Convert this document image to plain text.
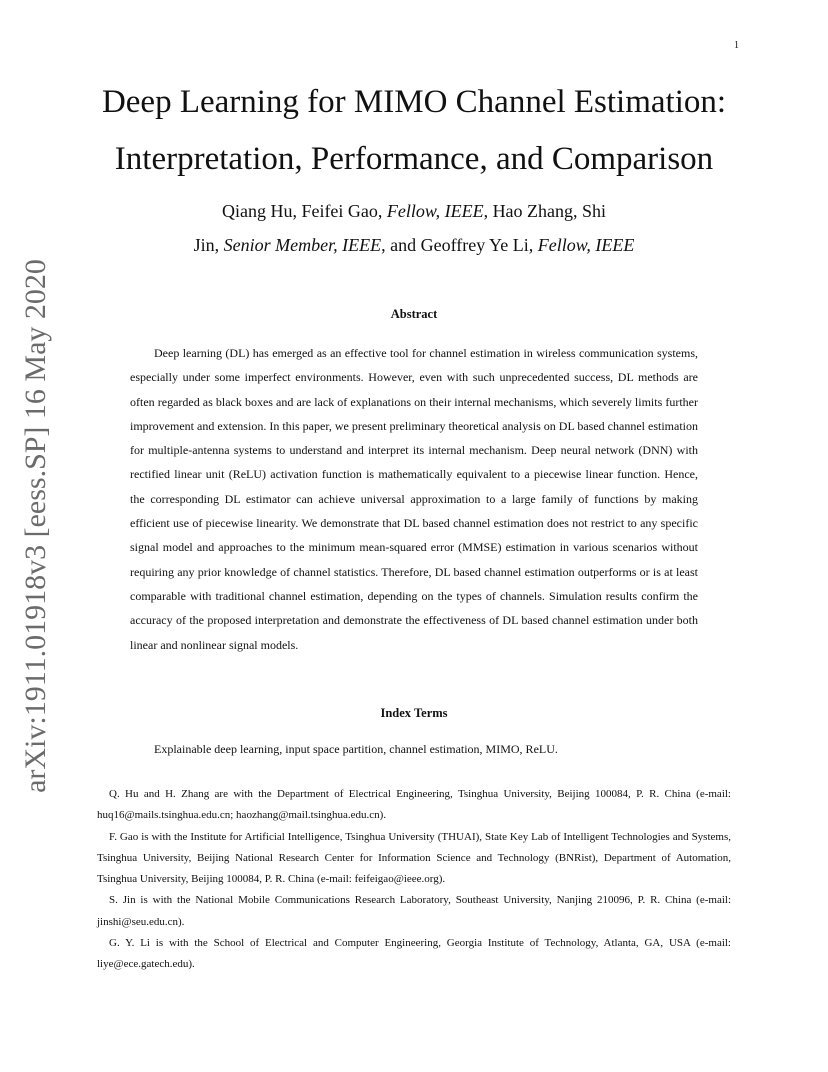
1

arXiv:1911.01918v3 [eess.SP] 16 May 2020
Deep Learning for MIMO Channel Estimation:
Interpretation, Performance, and Comparison

Qiang Hu, Feifei Gao, Fellow, IEEE, Hao Zhang, Shi
Jin, Senior Member, IEEE, and Geoffrey Ye Li, Fellow, IEEE

Abstract

Deep learning (DL) has emerged as an effective tool for channel estimation in wireless communication systems, especially under some imperfect environments. However, even with such unprecedented success, DL methods are often regarded as black boxes and are lack of explanations on their internal mechanisms, which severely limits further improvement and extension. In this paper, we present preliminary theoretical analysis on DL based channel estimation for multiple-antenna systems to understand and interpret its internal mechanism. Deep neural network (DNN) with rectified linear unit (ReLU) activation function is mathematically equivalent to a piecewise linear function. Hence, the corresponding DL estimator can achieve universal approximation to a large family of functions by making efficient use of piecewise linearity. We demonstrate that DL based channel estimation does not restrict to any specific signal model and approaches to the minimum mean-squared error (MMSE) estimation in various scenarios without requiring any prior knowledge of channel statistics. Therefore, DL based channel estimation outperforms or is at least comparable with traditional channel estimation, depending on the types of channels. Simulation results confirm the accuracy of the proposed interpretation and demonstrate the effectiveness of DL based channel estimation under both linear and nonlinear signal models.

Index Terms

Explainable deep learning, input space partition, channel estimation, MIMO, ReLU.

Q. Hu and H. Zhang are with the Department of Electrical Engineering, Tsinghua University, Beijing 100084, P. R. China (e-mail: huq16@mails.tsinghua.edu.cn; haozhang@mail.tsinghua.edu.cn).

F. Gao is with the Institute for Artificial Intelligence, Tsinghua University (THUAI), State Key Lab of Intelligent Technologies and Systems, Tsinghua University, Beijing National Research Center for Information Science and Technology (BNRist), Department of Automation, Tsinghua University, Beijing 100084, P. R. China (e-mail: feifeigao@ieee.org).

S. Jin is with the National Mobile Communications Research Laboratory, Southeast University, Nanjing 210096, P. R. China (e-mail: jinshi@seu.edu.cn).

G. Y. Li is with the School of Electrical and Computer Engineering, Georgia Institute of Technology, Atlanta, GA, USA (e-mail: liye@ece.gatech.edu).
